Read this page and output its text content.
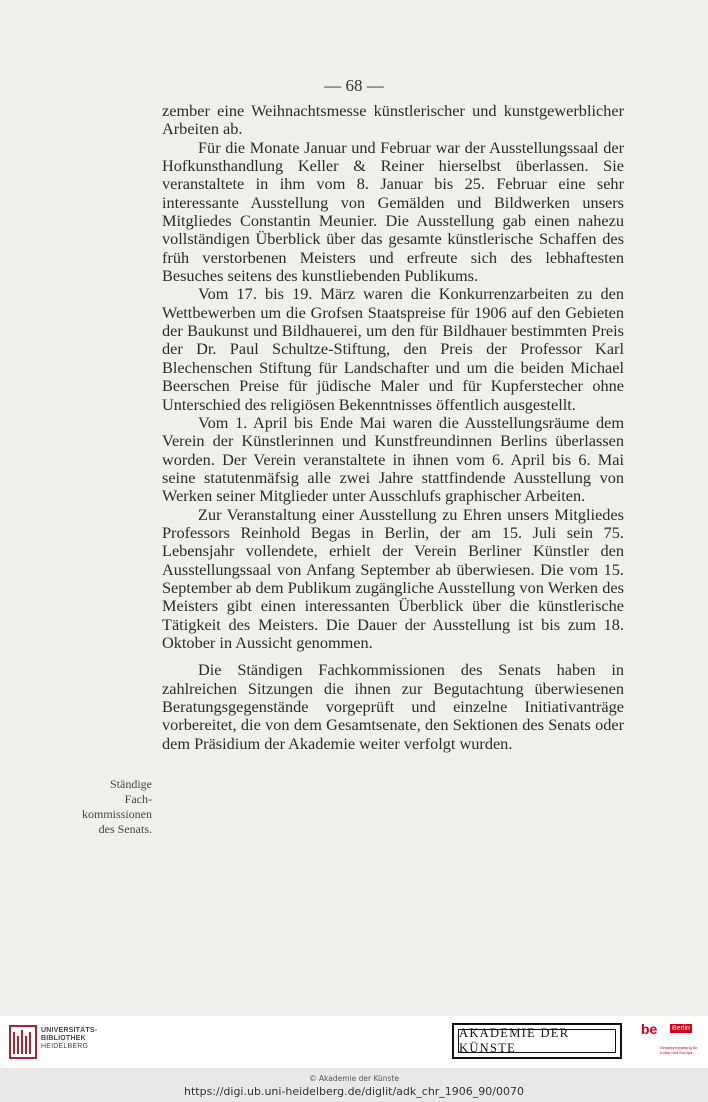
— 68 —

zember eine Weihnachtsmesse künstlerischer und kunstgewerblicher Arbeiten ab.

Für die Monate Januar und Februar war der Ausstellungssaal der Hofkunsthandlung Keller & Reiner hierselbst überlassen. Sie veranstaltete in ihm vom 8. Januar bis 25. Februar eine sehr interessante Ausstellung von Gemälden und Bildwerken unsers Mitgliedes Constantin Meunier. Die Ausstellung gab einen nahezu vollständigen Überblick über das gesamte künstlerische Schaffen des früh verstorbenen Meisters und erfreute sich des lebhaftesten Besuches seitens des kunstliebenden Publikums.

Vom 17. bis 19. März waren die Konkurrenzarbeiten zu den Wettbewerben um die Grofsen Staatspreise für 1906 auf den Gebieten der Baukunst und Bildhauerei, um den für Bildhauer bestimmten Preis der Dr. Paul Schultze-Stiftung, den Preis der Professor Karl Blechenschen Stiftung für Landschafter und um die beiden Michael Beerschen Preise für jüdische Maler und für Kupferstecher ohne Unterschied des religiösen Bekenntnisses öffentlich ausgestellt.

Vom 1. April bis Ende Mai waren die Ausstellungsräume dem Verein der Künstlerinnen und Kunstfreundinnen Berlins überlassen worden. Der Verein veranstaltete in ihnen vom 6. April bis 6. Mai seine statutenmäfsig alle zwei Jahre stattfindende Ausstellung von Werken seiner Mitglieder unter Ausschlufs graphischer Arbeiten.

Zur Veranstaltung einer Ausstellung zu Ehren unsers Mitgliedes Professors Reinhold Begas in Berlin, der am 15. Juli sein 75. Lebensjahr vollendete, erhielt der Verein Berliner Künstler den Ausstellungssaal von Anfang September ab überwiesen. Die vom 15. September ab dem Publikum zugängliche Ausstellung von Werken des Meisters gibt einen interessanten Überblick über die künstlerische Tätigkeit des Meisters. Die Dauer der Ausstellung ist bis zum 18. Oktober in Aussicht genommen.

Die Ständigen Fachkommissionen des Senats haben in zahlreichen Sitzungen die ihnen zur Begutachtung überwiesenen Beratungsgegenstände vorgeprüft und einzelne Initiativanträge vorbereitet, die von dem Gesamtsenate, den Sektionen des Senats oder dem Präsidium der Akademie weiter verfolgt wurden.

Ständige
Fach-
kommissionen
des Senats.
UNIVERSITÄTS-
BIBLIOTHEK
HEIDELBERG
AKADEMIE DER KÜNSTE
be Berlin
Senatsverwaltung für Kultur und Europa
© Akademie der Künste
https://digi.ub.uni-heidelberg.de/diglit/adk_chr_1906_90/0070
